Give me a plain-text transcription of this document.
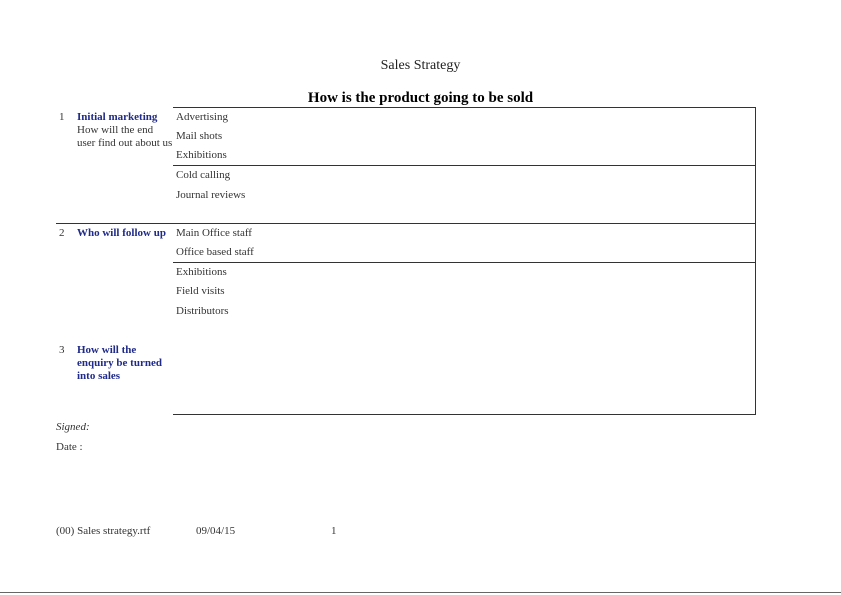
Sales Strategy
How is the product going to be sold
1 Initial marketing
How will the end user find out about us
Advertising
Mail shots
Exhibitions
Cold calling
Journal reviews
2 Who will follow up Main Office staff
Office based staff
Exhibitions
Field visits
Distributors
3 How will the enquiry be turned into sales
Signed:
Date :
(00) Sales strategy.rtf	09/04/15	1
